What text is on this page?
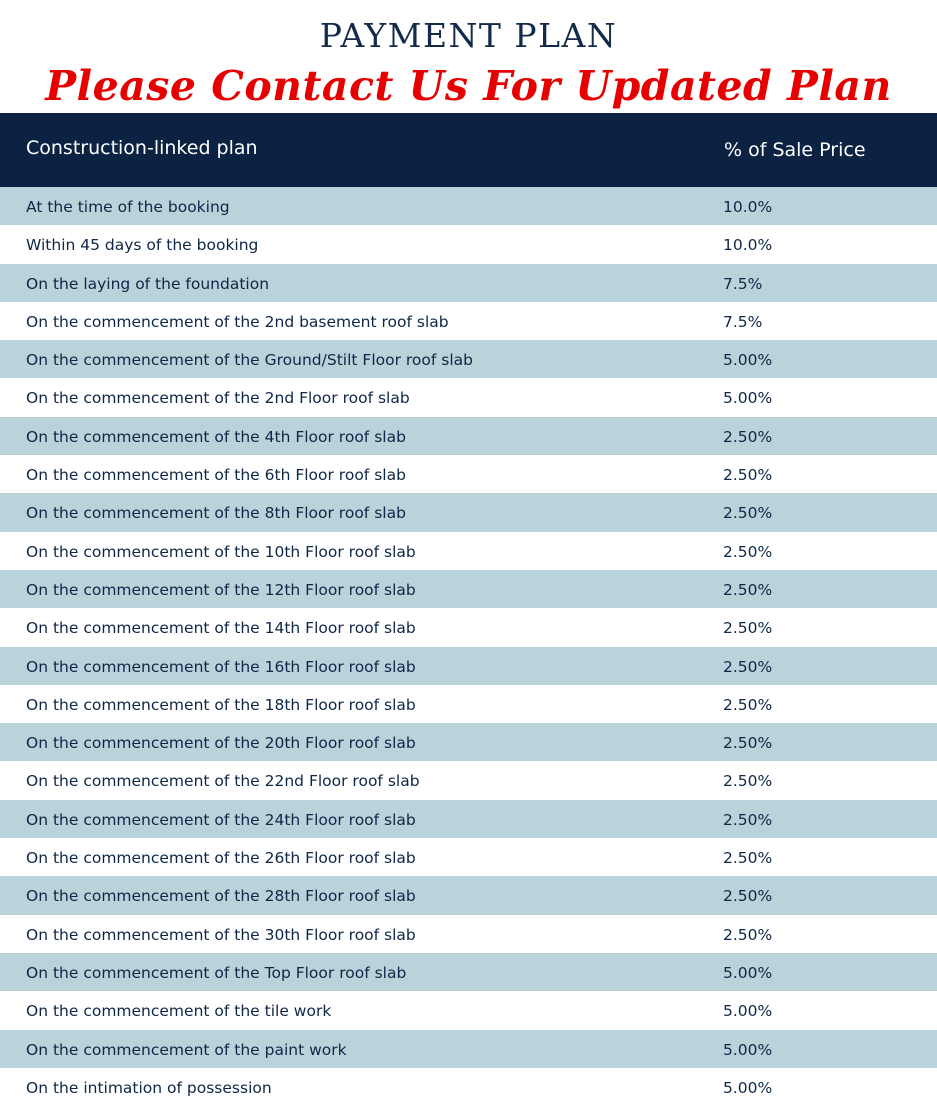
PAYMENT PLAN
Please Contact Us For Updated Plan
Construction-linked plan	% of Sale Price
At the time of the booking	10.0%
Within 45 days of the booking	10.0%
On the laying of the foundation	7.5%
On the commencement of the 2nd basement roof slab	7.5%
On the commencement of the Ground/Stilt Floor roof slab	5.00%
On the commencement of the 2nd Floor roof slab	5.00%
On the commencement of the 4th Floor roof slab	2.50%
On the commencement of the 6th Floor roof slab	2.50%
On the commencement of the 8th Floor roof slab	2.50%
On the commencement of the 10th Floor roof slab	2.50%
On the commencement of the 12th Floor roof slab	2.50%
On the commencement of the 14th Floor roof slab	2.50%
On the commencement of the 16th Floor roof slab	2.50%
On the commencement of the 18th Floor roof slab	2.50%
On the commencement of the 20th Floor roof slab	2.50%
On the commencement of the 22nd Floor roof slab	2.50%
On the commencement of the 24th Floor roof slab	2.50%
On the commencement of the 26th Floor roof slab	2.50%
On the commencement of the 28th Floor roof slab	2.50%
On the commencement of the 30th Floor roof slab	2.50%
On the commencement of the Top Floor roof slab	5.00%
On the commencement of the tile work	5.00%
On the commencement of the paint work	5.00%
On the intimation of possession	5.00%
